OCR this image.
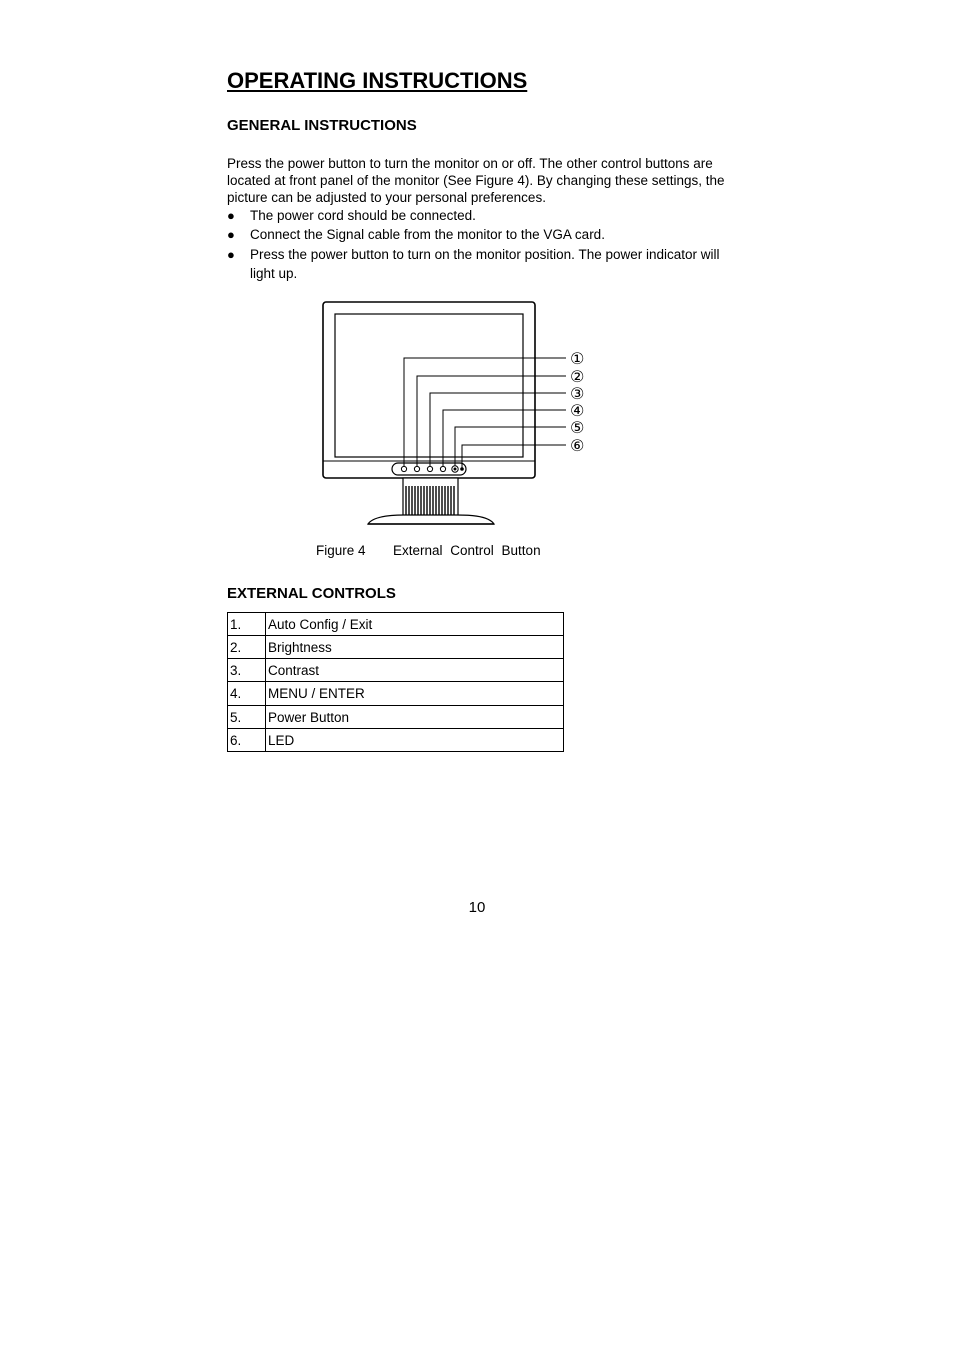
OPERATING INSTRUCTIONS
GENERAL INSTRUCTIONS

Press the power button to turn the monitor on or off. The other control buttons are located at front panel of the monitor (See Figure 4). By changing these settings, the picture can be adjusted to your personal preferences.

●	The power cord should be connected.
●	Connect the Signal cable from the monitor to the VGA card.
●	Press the power button to turn on the monitor position. The power indicator will light up.
①
②
③
④
⑤
⑥
Figure 4 External Control Button
EXTERNAL CONTROLS
1.	Auto Config / Exit
2.	Brightness
3.	Contrast
4.	MENU / ENTER
5.	Power Button
6.	LED
10
